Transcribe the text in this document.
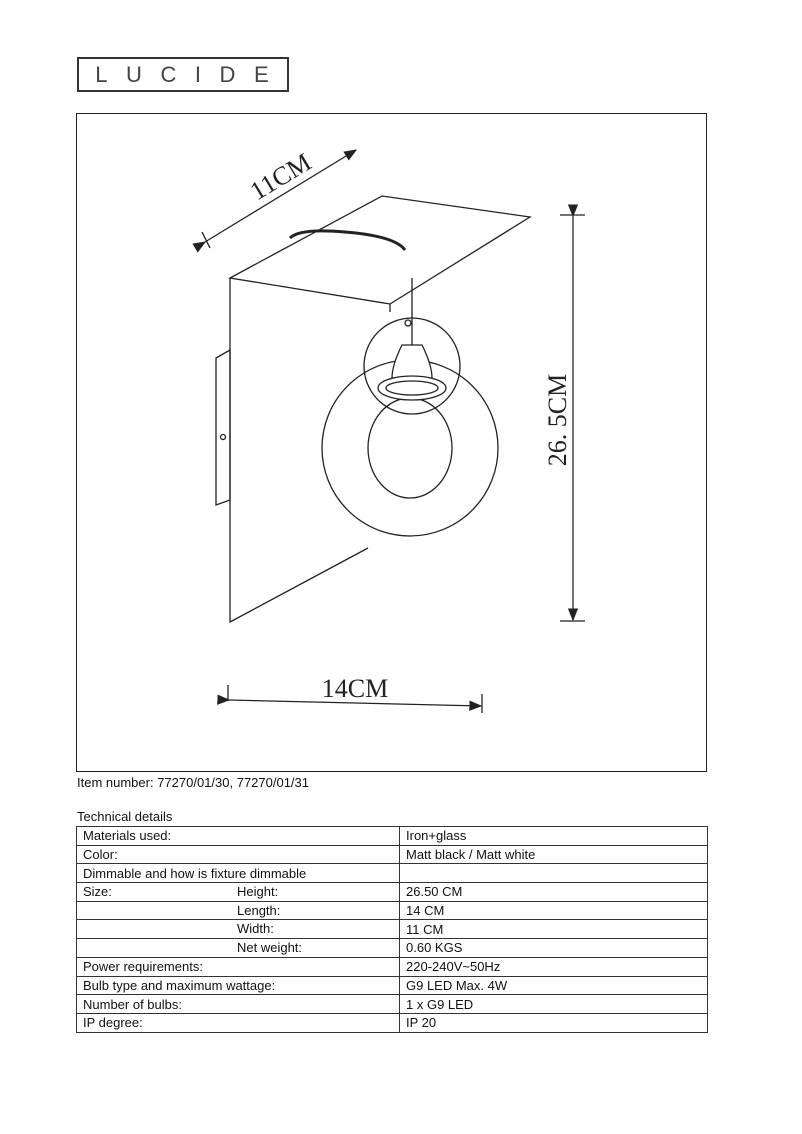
L U C I D E
11CM
26. 5CM
14CM
Item number: 77270/01/30, 77270/01/31
Technical details
Materials used:	Iron+glass
Color:	Matt black / Matt white
Dimmable and how is fixture dimmable

Size: Height:	26.50 CM

Length:	14 CM

Width:	11 CM

Net weight:	0.60 KGS
Power requirements:	220-240V~50Hz
Bulb type and maximum wattage:	G9 LED Max. 4W
Number of bulbs:	1 x G9 LED
IP degree:	IP 20
